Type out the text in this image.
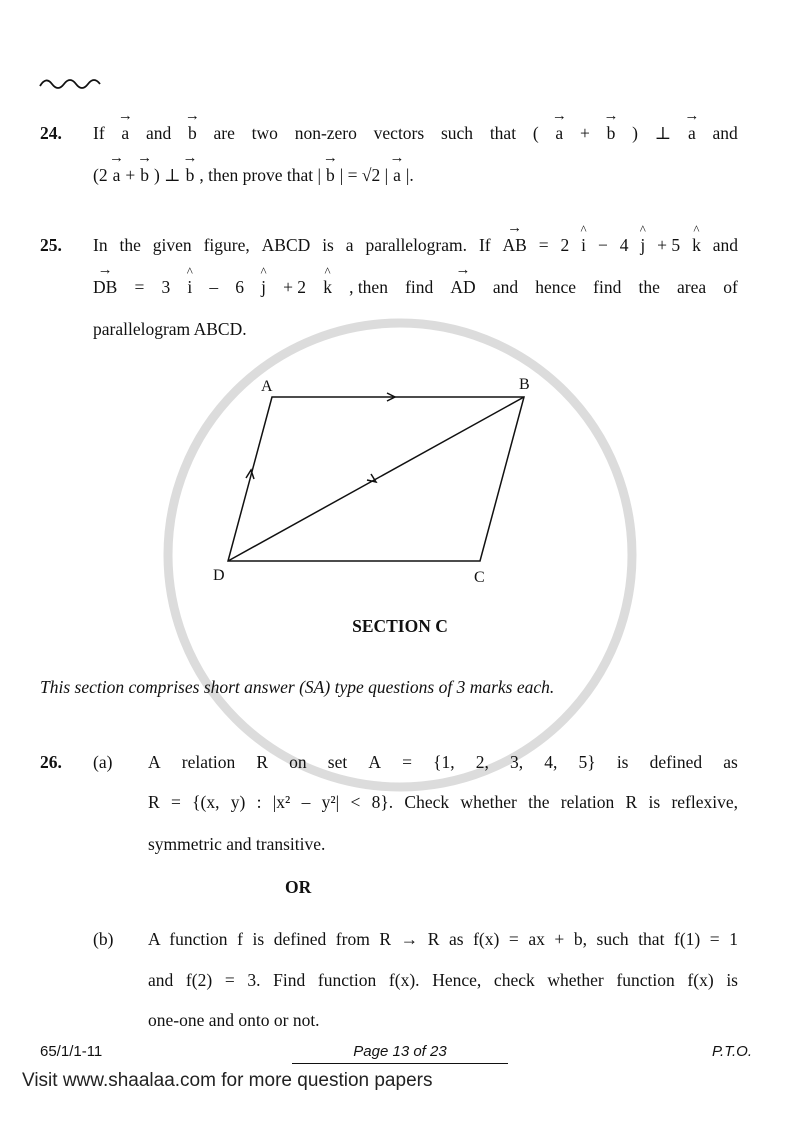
24. If → a and → b are two non-zero vectors such that ( → a + → b ) ⊥ → a and
(2 → a + → b ) ⊥ → b , then prove that | → b | = √2 | → a |.
25. In the given figure, ABCD is a parallelogram. If → AB = 2 ^ i − 4 ^ j + 5 ^ k and
→ DB = 3 ^ i – 6 ^ j + 2 ^ k , then find → AD and hence find the area of
parallelogram ABCD.
A	B
C
D
SECTION C
This section comprises short answer (SA) type questions of 3 marks each.
26. (a) A relation R on set A = {1, 2, 3, 4, 5} is defined as
R = {(x, y) : |x² – y²| < 8}. Check whether the relation R is reflexive,
symmetric and transitive.
OR
(b) A function f is defined from R → R as f(x) = ax + b, such that f(1) = 1
and f(2) = 3. Find function f(x). Hence, check whether function f(x) is
one-one and onto or not.
65/1/1-11	Page 13 of 23	P.T.O.
Visit www.shaalaa.com for more question papers
